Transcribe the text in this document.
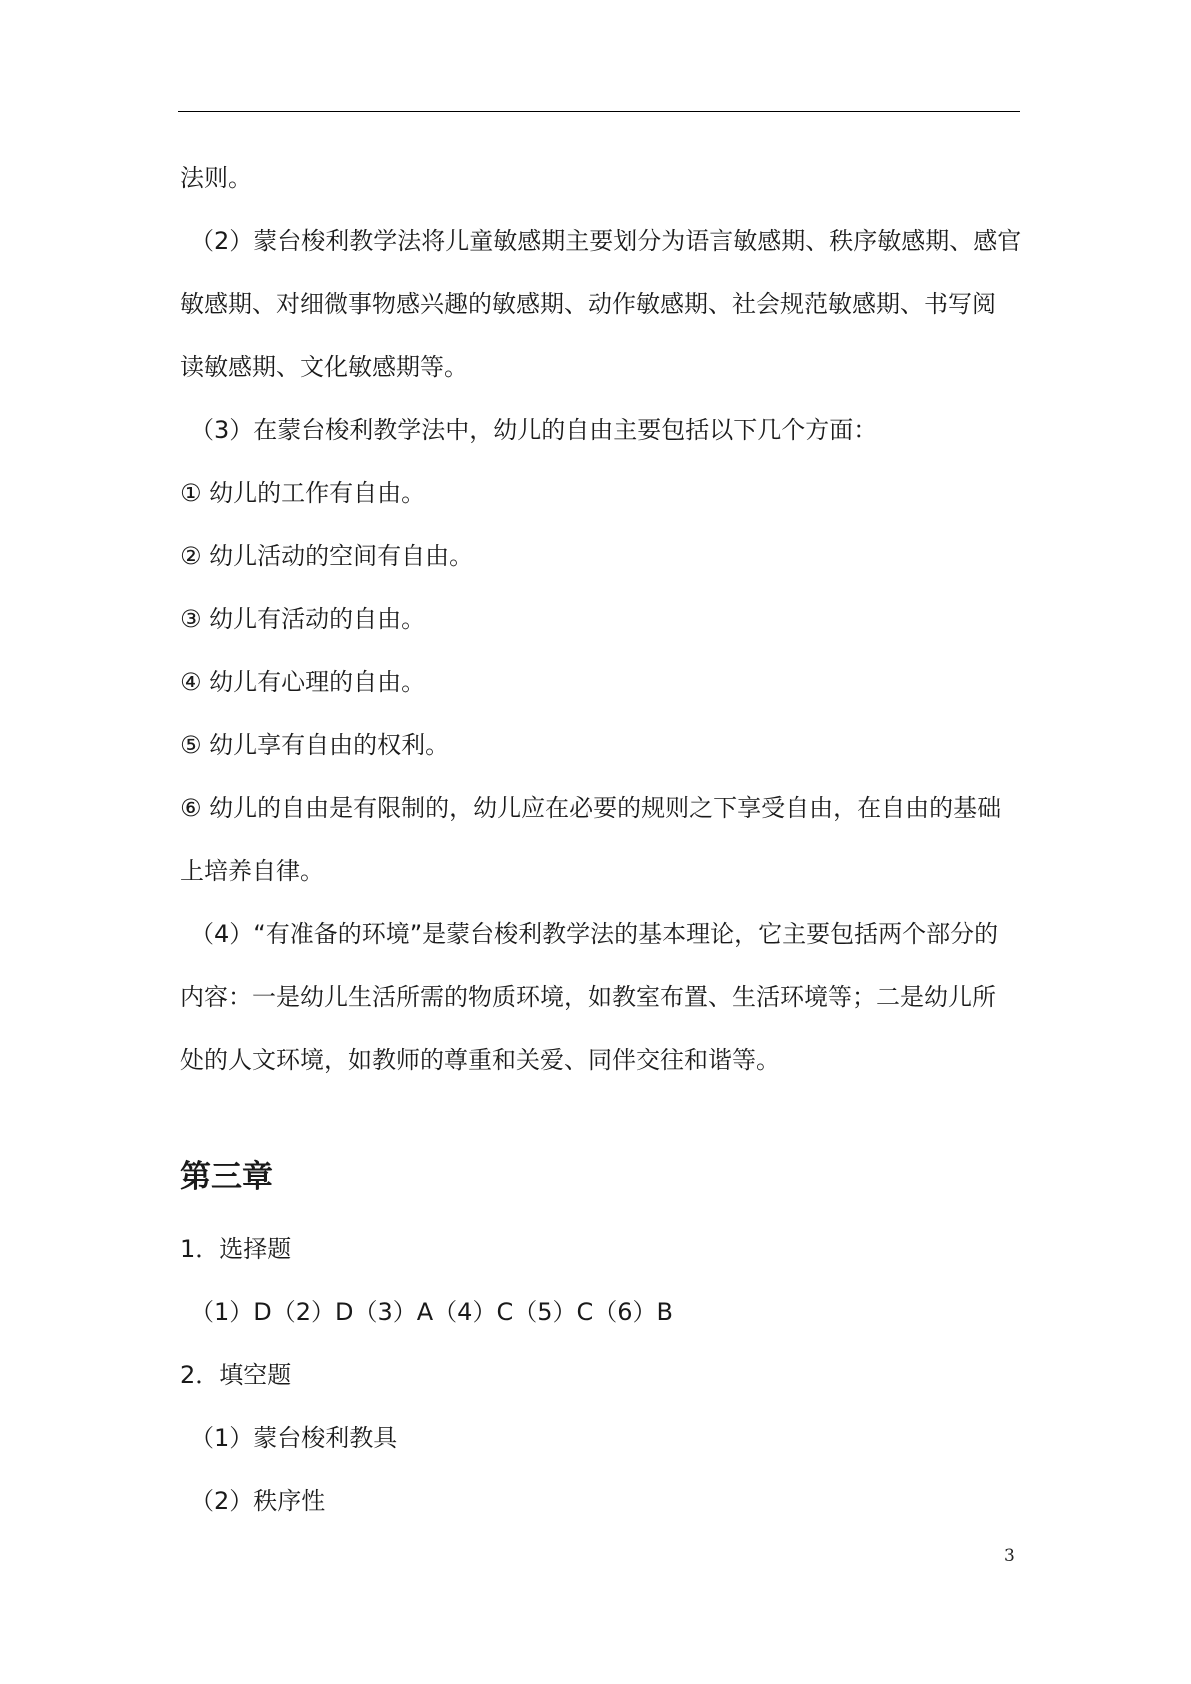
法则。
（2）蒙台梭利教学法将儿童敏感期主要划分为语言敏感期、秩序敏感期、感官
敏感期、对细微事物感兴趣的敏感期、动作敏感期、社会规范敏感期、书写阅
读敏感期、文化敏感期等。
（3）在蒙台梭利教学法中，幼儿的自由主要包括以下几个方面：
① 幼儿的工作有自由。
② 幼儿活动的空间有自由。
③ 幼儿有活动的自由。
④ 幼儿有心理的自由。
⑤ 幼儿享有自由的权利。
⑥ 幼儿的自由是有限制的，幼儿应在必要的规则之下享受自由，在自由的基础
上培养自律。
（4）“有准备的环境”是蒙台梭利教学法的基本理论，它主要包括两个部分的
内容：一是幼儿生活所需的物质环境，如教室布置、生活环境等；二是幼儿所
处的人文环境，如教师的尊重和关爱、同伴交往和谐等。
第三章
1．选择题
（1）D（2）D（3）A（4）C（5）C（6）B
2．填空题
（1）蒙台梭利教具
（2）秩序性
3
